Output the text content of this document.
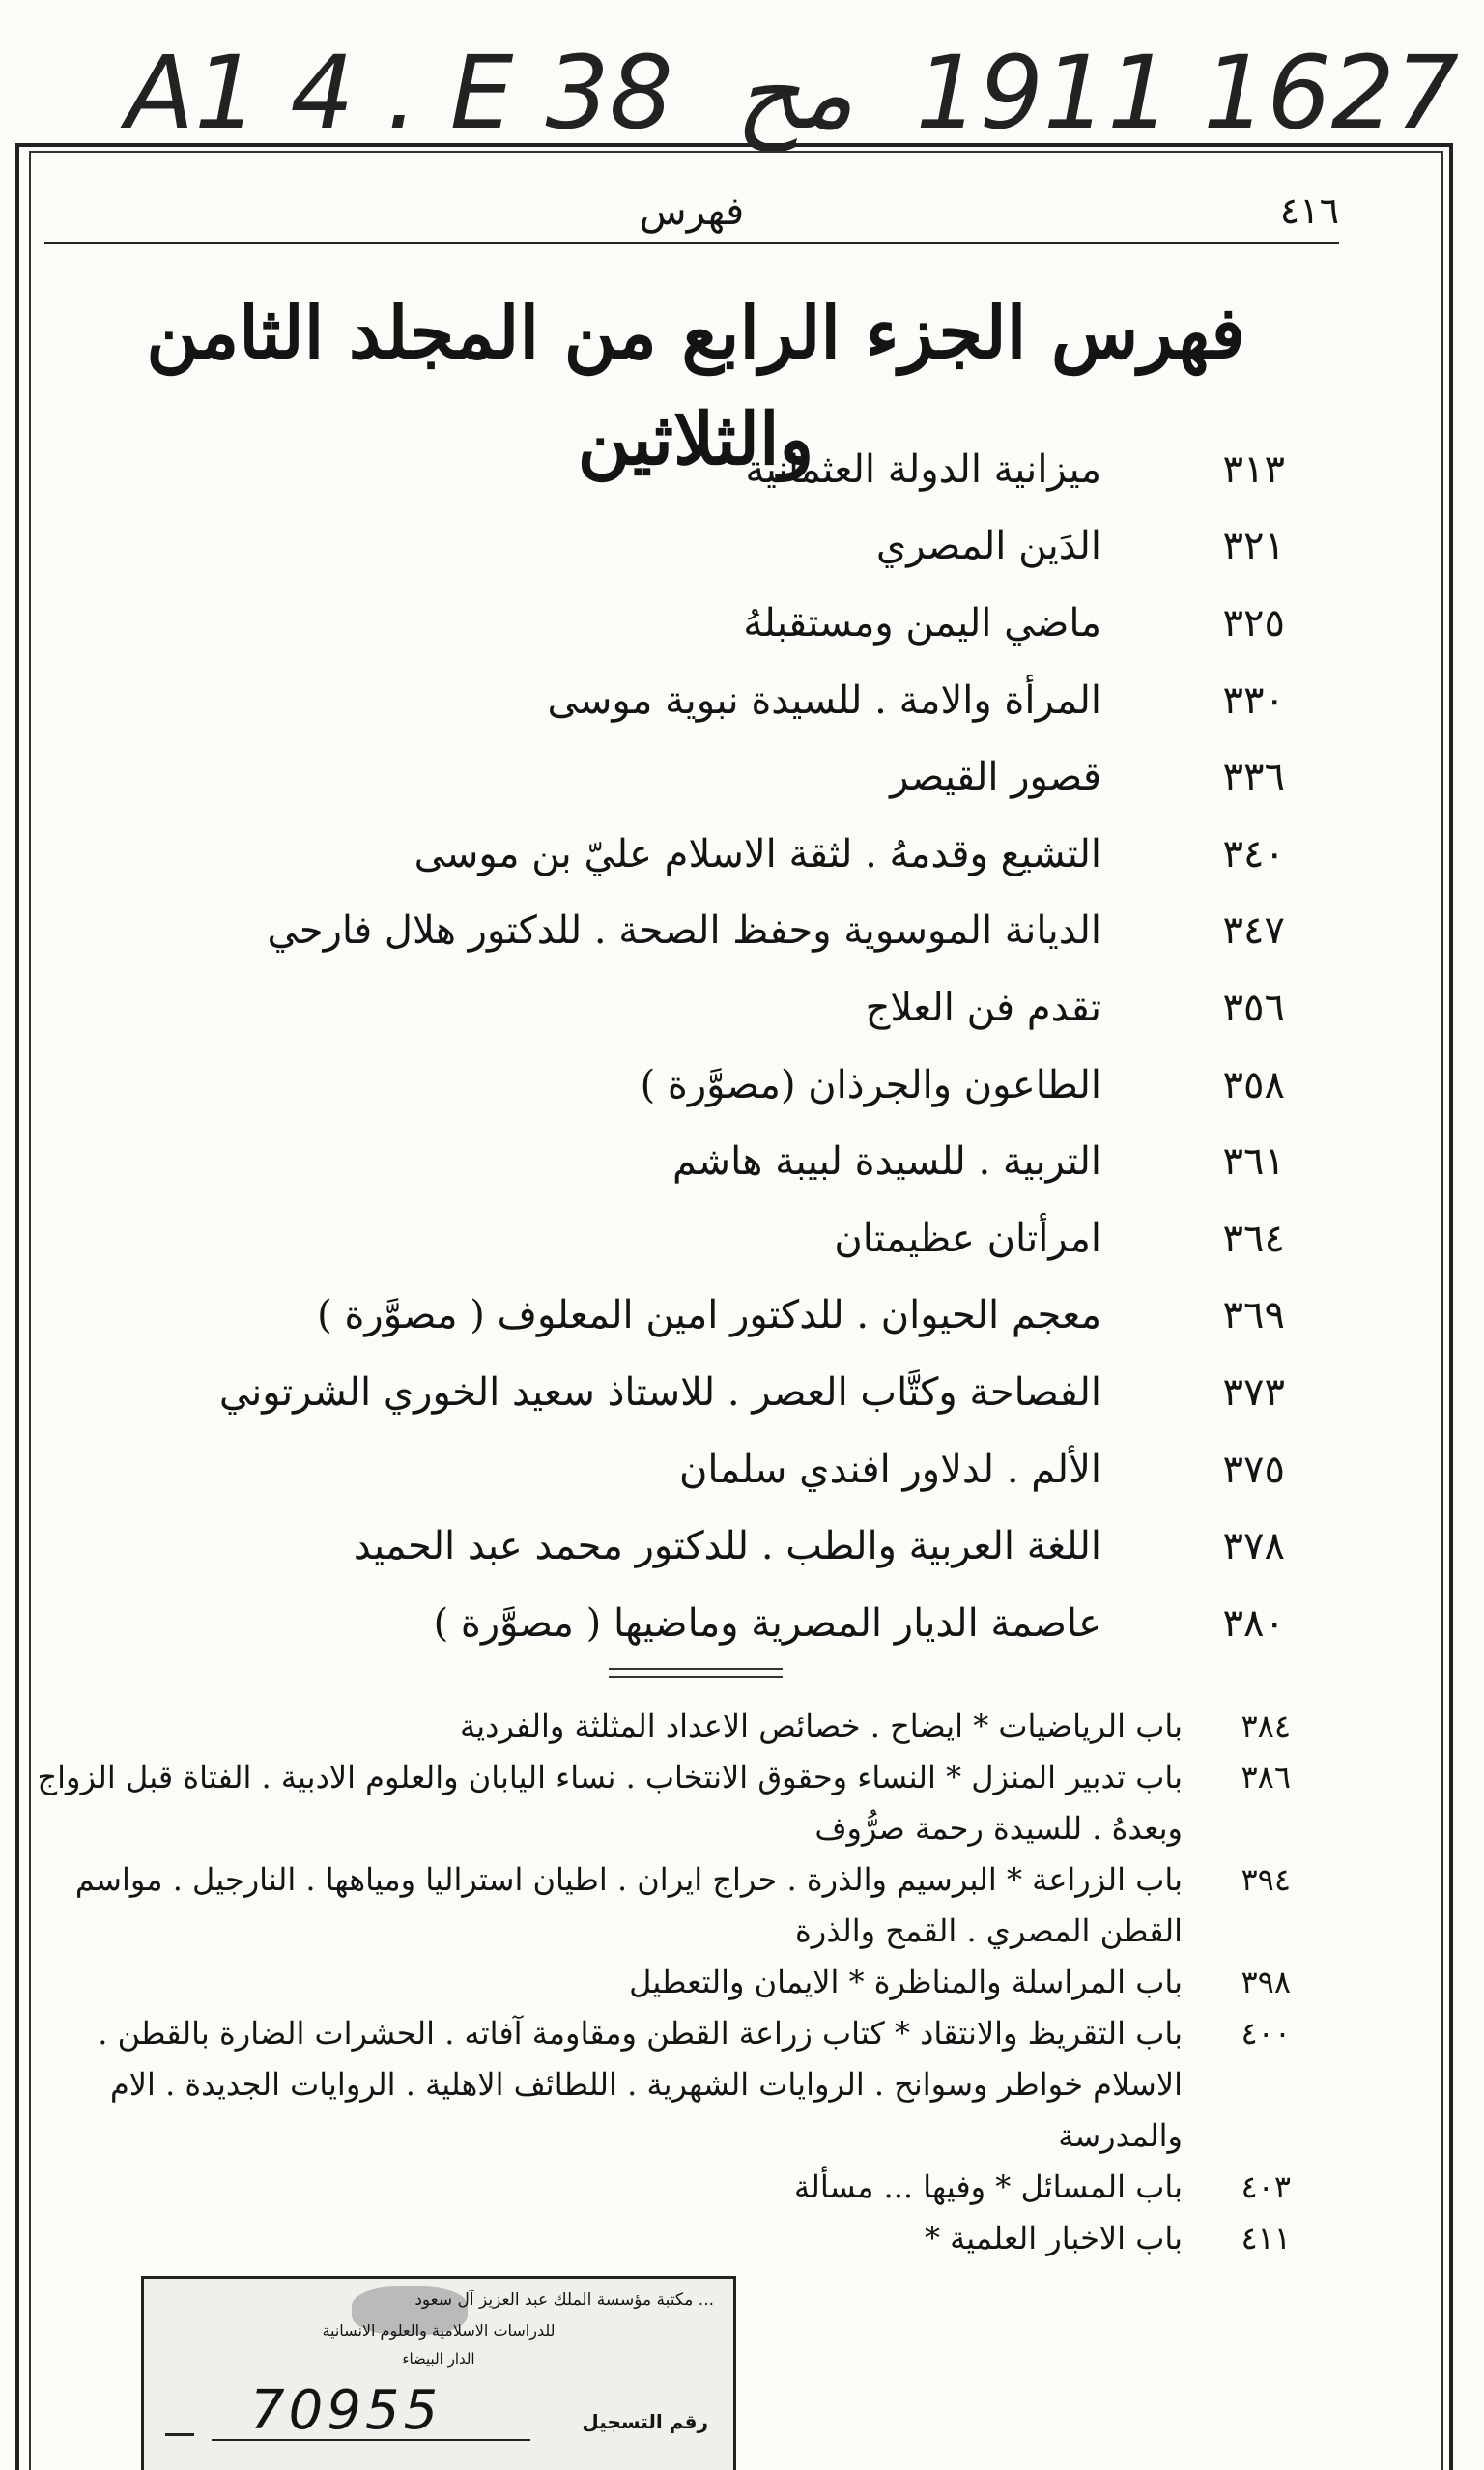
A1 4 . E 38 مح 1911 1627
٤١٦
فهرس
فهرس الجزء الرابع من المجلد الثامن والثلاثين	٣١٣
ميزانية الدولة العثمانية
٣٢١
الدَين المصري
٣٢٥
ماضي اليمن ومستقبلهُ
٣٣٠
المرأة والامة . للسيدة نبوية موسى
٣٣٦
قصور القيصر
٣٤٠
التشيع وقدمهُ . لثقة الاسلام عليّ بن موسى
٣٤٧
الديانة الموسوية وحفظ الصحة . للدكتور هلال فارحي
٣٥٦
تقدم فن العلاج
٣٥٨
الطاعون والجرذان (مصوَّرة )
٣٦١
التربية . للسيدة لبيبة هاشم
٣٦٤
امرأتان عظيمتان
٣٦٩
معجم الحيوان . للدكتور امين المعلوف ( مصوَّرة )
٣٧٣
الفصاحة وكتَّاب العصر . للاستاذ سعيد الخوري الشرتوني
٣٧٥
الألم . لدلاور افندي سلمان
٣٧٨
اللغة العربية والطب . للدكتور محمد عبد الحميد
٣٨٠
عاصمة الديار المصرية وماضيها ( مصوَّرة )
٣٨٤
باب الرياضيات * ايضاح . خصائص الاعداد المثلثة والفردية
٣٨٦
باب تدبير المنزل * النساء وحقوق الانتخاب . نساء اليابان والعلوم الادبية . الفتاة قبل الزواج وبعدهُ . للسيدة رحمة صرُّوف
٣٩٤
باب الزراعة * البرسيم والذرة . حراج ايران . اطيان استراليا ومياهها . النارجيل . مواسم القطن المصري . القمح والذرة
٣٩٨
باب المراسلة والمناظرة * الايمان والتعطيل
٤٠٠
باب التقريظ والانتقاد * كتاب زراعة القطن ومقاومة آفاته . الحشرات الضارة بالقطن . الاسلام خواطر وسوانح . الروايات الشهرية . اللطائف الاهلية . الروايات الجديدة . الام والمدرسة
٤٠٣
باب المسائل * وفيها ... مسألة
٤١١
باب الاخبار العلمية *
... مكتبة مؤسسة الملك عبد العزيز آل سعود
للدراسات الاسلامية والعلوم الانسانية
الدار البيضاء
رقم التسجيل
70955
